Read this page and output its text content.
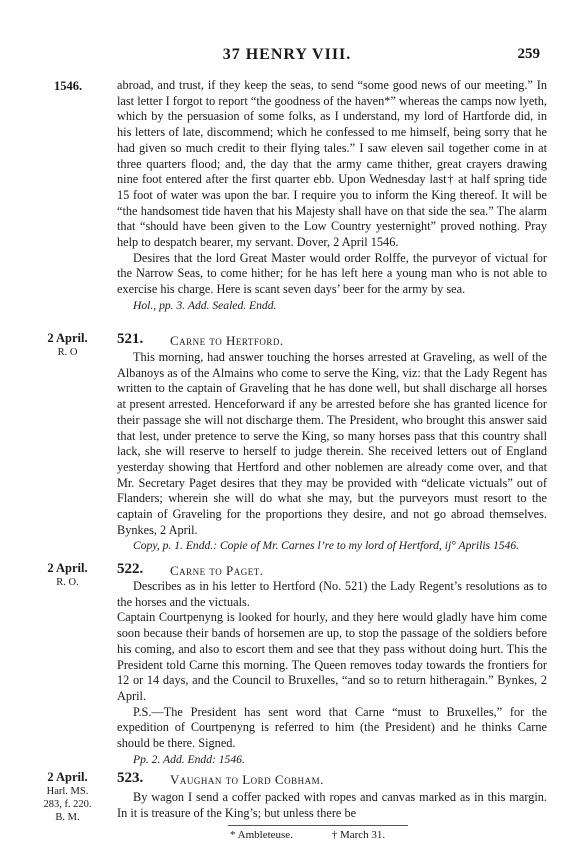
37 HENRY VIII.	259
1546.	abroad, and trust, if they keep the seas, to send “some good news of our meeting.” In last letter I forgot to report “the goodness of the haven*” whereas the camps now lyeth, which by the persuasion of some folks, as I understand, my lord of Hartforde did, in his letters of late, discommend; which he confessed to me himself, being sorry that he had given so much credit to their flying tales.” I saw eleven sail together come in at three quarters flood; and, the day that the army came thither, great crayers drawing nine foot entered after the first quarter ebb. Upon Wednesday last† at half spring tide 15 foot of water was upon the bar. I require you to inform the King thereof. It will be “the handsomest tide haven that his Majesty shall have on that side the sea.” The alarm that “should have been given to the Low Country yesternight” proved nothing. Pray help to despatch bearer, my servant. Dover, 2 April 1546.

Desires that the lord Great Master would order Rolffe, the purveyor of victual for the Narrow Seas, to come hither; for he has left here a young man who is not able to exercise his charge. Here is scant seven days’ beer for the army by sea.

Hol., pp. 3. Add. Sealed. Endd.

2 April.
R. O
521. Carne to Hertford.

This morning, had answer touching the horses arrested at Graveling, as well of the Albanoys as of the Almains who come to serve the King, viz: that the Lady Regent has written to the captain of Graveling that he has done well, but shall discharge all horses at present arrested. Henceforward if any be arrested before she has granted licence for their passage she will not discharge them. The President, who brought this answer said that lest, under pretence to serve the King, so many horses pass that this country shall lack, she will reserve to herself to judge therein. She received letters out of England yesterday showing that Hertford and other noblemen are already come over, and that Mr. Secretary Paget desires that they may be provided with “delicate victuals” out of Flanders; wherein she will do what she may, but the purveyors must resort to the captain of Graveling for the proportions they desire, and not go abroad themselves. Bynkes, 2 April.

Copy, p. 1. Endd.: Copie of Mr. Carnes l’re to my lord of Hertford, ij° Aprilis 1546.

2 April.
R. O.
522. Carne to Paget.

Describes as in his letter to Hertford (No. 521) the Lady Regent’s resolutions as to the horses and the victuals.

Captain Courtpenyng is looked for hourly, and they here would gladly have him come soon because their bands of horsemen are up, to stop the passage of the soldiers before his coming, and also to escort them and see that they pass without doing hurt. This the President told Carne this morning. The Queen removes today towards the frontiers for 12 or 14 days, and the Council to Bruxelles, “and so to return hitheragain.” Bynkes, 2 April.

P.S.—The President has sent word that Carne “must to Bruxelles,” for the expedition of Courtpenyng is referred to him (the President) and he thinks Carne should be there. Signed.

Pp. 2. Add. Endd: 1546.

2 April.
Harl. MS. 283, f. 220. B. M.
523. Vaughan to Lord Cobham.

By wagon I send a coffer packed with ropes and canvas marked as in this margin. In it is treasure of the King’s; but unless there be

* Ambleteuse.	† March 31.
